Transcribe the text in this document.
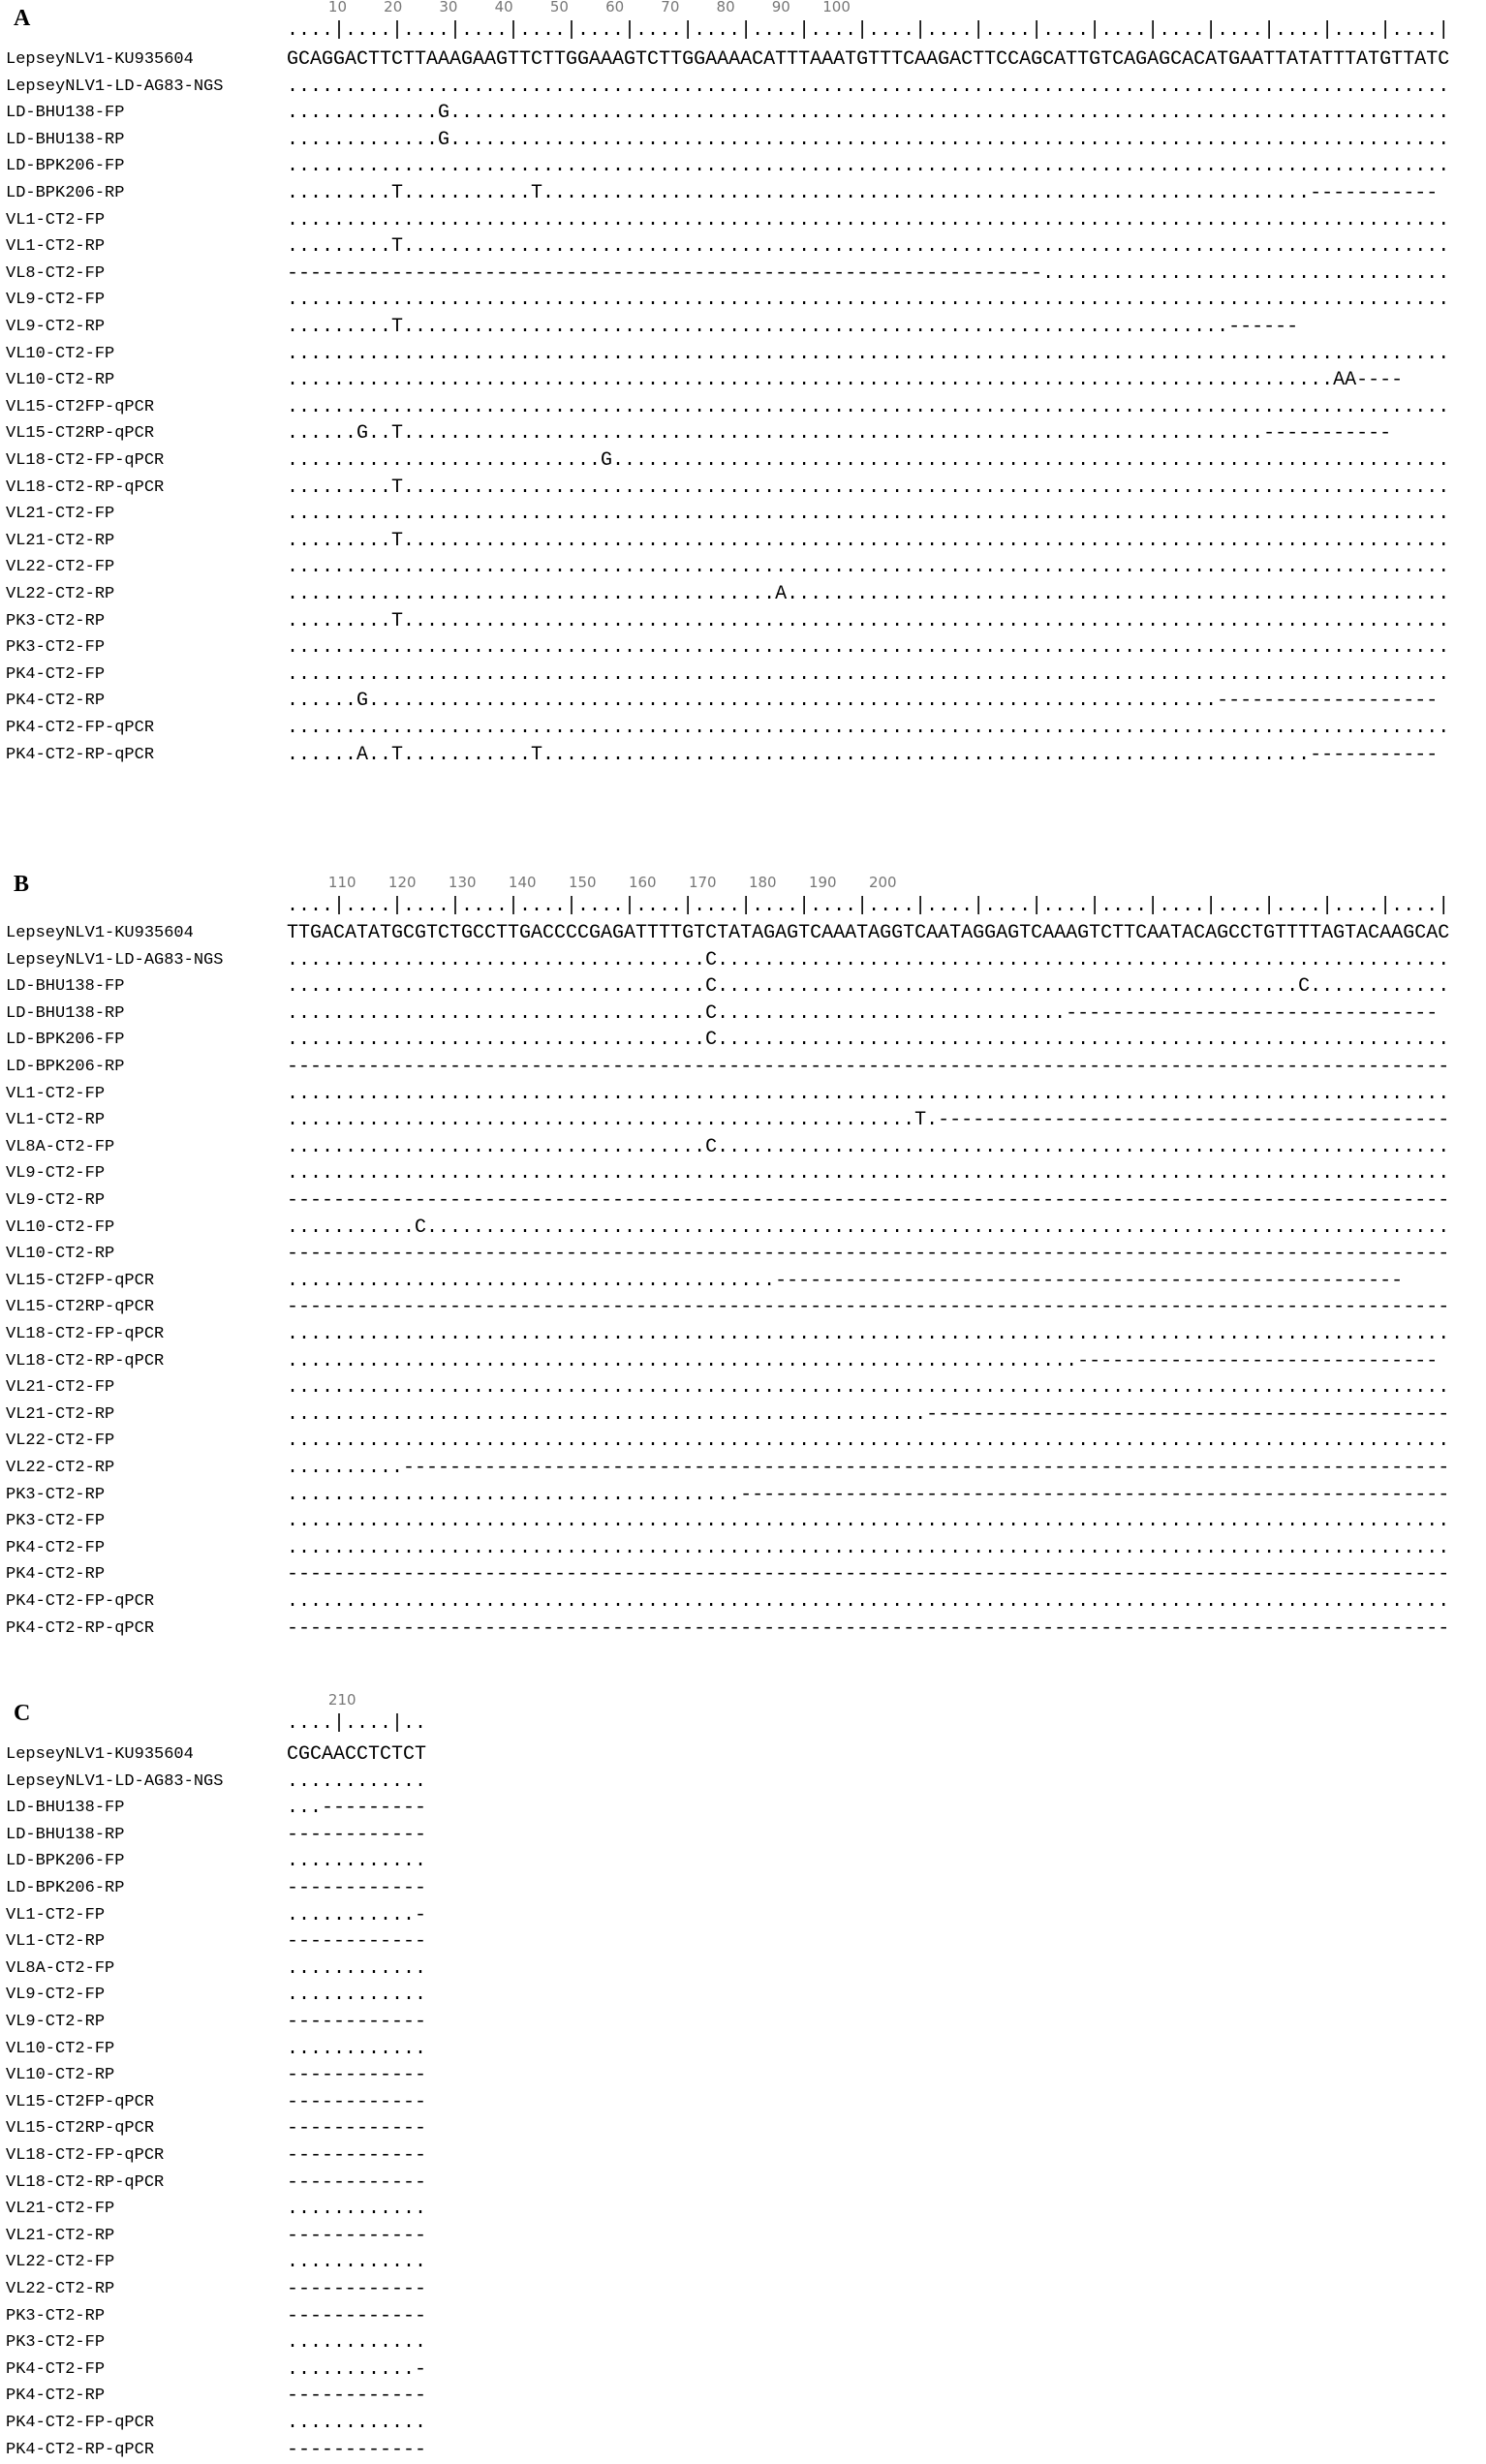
A	10        20        30        40        50        60        70        80        90       100
....|....|....|....|....|....|....|....|....|....|....|....|....|....|....|....|....|....|....|....|
LepseyNLV1-KU935604	GCAGGACTTCTTAAAGAAGTTCTTGGAAAGTCTTGGAAAACATTTAAATGTTTCAAGACTTCCAGCATTGTCAGAGCACATGAATTATATTTATGTTATC
LepseyNLV1-LD-AG83-NGS	....................................................................................................
LD-BHU138-FP	.............G......................................................................................
LD-BHU138-RP	.............G......................................................................................
LD-BPK206-FP	....................................................................................................
LD-BPK206-RP	.........T...........T..................................................................-----------
VL1-CT2-FP	....................................................................................................
VL1-CT2-RP	.........T..........................................................................................
VL8-CT2-FP	-----------------------------------------------------------------...................................
VL9-CT2-FP	....................................................................................................
VL9-CT2-RP	.........T.......................................................................------
VL10-CT2-FP	....................................................................................................
VL10-CT2-RP	..........................................................................................AA----
VL15-CT2FP-qPCR	....................................................................................................
VL15-CT2RP-qPCR	......G..T..........................................................................-----------
VL18-CT2-FP-qPCR	...........................G........................................................................
VL18-CT2-RP-qPCR	.........T..........................................................................................
VL21-CT2-FP	....................................................................................................
VL21-CT2-RP	.........T..........................................................................................
VL22-CT2-FP	....................................................................................................
VL22-CT2-RP	..........................................A.........................................................
PK3-CT2-RP	.........T..........................................................................................
PK3-CT2-FP	....................................................................................................
PK4-CT2-FP	....................................................................................................
PK4-CT2-RP	......G.........................................................................-------------------
PK4-CT2-FP-qPCR	....................................................................................................
PK4-CT2-RP-qPCR	......A..T...........T..................................................................-----------
B	110       120       130       140       150       160       170       180       190       200
....|....|....|....|....|....|....|....|....|....|....|....|....|....|....|....|....|....|....|....|
LepseyNLV1-KU935604	TTGACATATGCGTCTGCCTTGACCCCGAGATTTTGTCTATAGAGTCAAATAGGTCAATAGGAGTCAAAGTCTTCAATACAGCCTGTTTTAGTACAAGCAC
LepseyNLV1-LD-AG83-NGS	....................................C...............................................................
LD-BHU138-FP	....................................C..................................................C............
LD-BHU138-RP	....................................C..............................--------------------------------
LD-BPK206-FP	....................................C...............................................................
LD-BPK206-RP	----------------------------------------------------------------------------------------------------
VL1-CT2-FP	....................................................................................................
VL1-CT2-RP	......................................................T.--------------------------------------------
VL8A-CT2-FP	....................................C...............................................................
VL9-CT2-FP	....................................................................................................
VL9-CT2-RP	----------------------------------------------------------------------------------------------------
VL10-CT2-FP	...........C........................................................................................
VL10-CT2-RP	----------------------------------------------------------------------------------------------------
VL15-CT2FP-qPCR	..........................................------------------------------------------------------
VL15-CT2RP-qPCR	----------------------------------------------------------------------------------------------------
VL18-CT2-FP-qPCR	....................................................................................................
VL18-CT2-RP-qPCR	....................................................................-------------------------------
VL21-CT2-FP	....................................................................................................
VL21-CT2-RP	.......................................................---------------------------------------------
VL22-CT2-FP	....................................................................................................
VL22-CT2-RP	..........------------------------------------------------------------------------------------------
PK3-CT2-RP	.......................................-------------------------------------------------------------
PK3-CT2-FP	....................................................................................................
PK4-CT2-FP	....................................................................................................
PK4-CT2-RP	----------------------------------------------------------------------------------------------------
PK4-CT2-FP-qPCR	....................................................................................................
PK4-CT2-RP-qPCR	----------------------------------------------------------------------------------------------------
C
210
....|....|..
LepseyNLV1-KU935604	CGCAACCTCTCT
LepseyNLV1-LD-AG83-NGS	............
LD-BHU138-FP	...---------
LD-BHU138-RP	------------
LD-BPK206-FP	............
LD-BPK206-RP	------------
VL1-CT2-FP	...........-
VL1-CT2-RP	------------
VL8A-CT2-FP	............
VL9-CT2-FP	............
VL9-CT2-RP	------------
VL10-CT2-FP	............
VL10-CT2-RP	------------
VL15-CT2FP-qPCR	------------
VL15-CT2RP-qPCR	------------
VL18-CT2-FP-qPCR	------------
VL18-CT2-RP-qPCR	------------
VL21-CT2-FP	............
VL21-CT2-RP	------------
VL22-CT2-FP	............
VL22-CT2-RP	------------
PK3-CT2-RP	------------
PK3-CT2-FP	............
PK4-CT2-FP	...........-
PK4-CT2-RP	------------
PK4-CT2-FP-qPCR	............
PK4-CT2-RP-qPCR	------------
